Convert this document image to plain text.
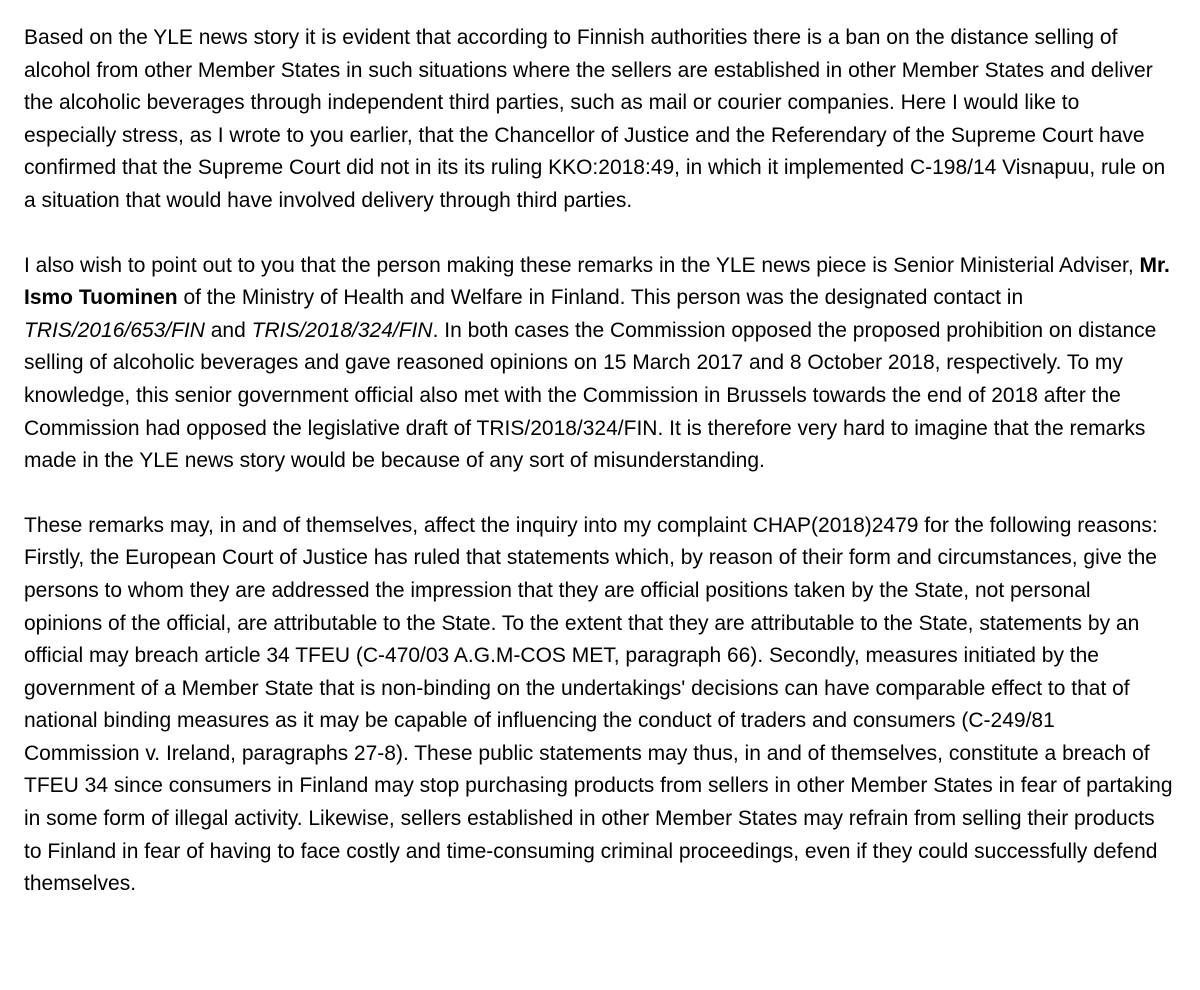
Based on the YLE news story it is evident that according to Finnish authorities there is a ban on the distance selling of alcohol from other Member States in such situations where the sellers are established in other Member States and deliver the alcoholic beverages through independent third parties, such as mail or courier companies. Here I would like to especially stress, as I wrote to you earlier, that the Chancellor of Justice and the Referendary of the Supreme Court have confirmed that the Supreme Court did not in its its ruling KKO:2018:49, in which it implemented C-198/14 Visnapuu, rule on a situation that would have involved delivery through third parties.

I also wish to point out to you that the person making these remarks in the YLE news piece is Senior Ministerial Adviser, Mr. Ismo Tuominen of the Ministry of Health and Welfare in Finland. This person was the designated contact in TRIS/2016/653/FIN and TRIS/2018/324/FIN. In both cases the Commission opposed the proposed prohibition on distance selling of alcoholic beverages and gave reasoned opinions on 15 March 2017 and 8 October 2018, respectively. To my knowledge, this senior government official also met with the Commission in Brussels towards the end of 2018 after the Commission had opposed the legislative draft of TRIS/2018/324/FIN. It is therefore very hard to imagine that the remarks made in the YLE news story would be because of any sort of misunderstanding.

These remarks may, in and of themselves, affect the inquiry into my complaint CHAP(2018)2479 for the following reasons: Firstly, the European Court of Justice has ruled that statements which, by reason of their form and circumstances, give the persons to whom they are addressed the impression that they are official positions taken by the State, not personal opinions of the official, are attributable to the State. To the extent that they are attributable to the State, statements by an official may breach article 34 TFEU (C-470/03 A.G.M-COS MET, paragraph 66). Secondly, measures initiated by the government of a Member State that is non-binding on the undertakings' decisions can have comparable effect to that of national binding measures as it may be capable of influencing the conduct of traders and consumers (C-249/81 Commission v. Ireland, paragraphs 27-8). These public statements may thus, in and of themselves, constitute a breach of TFEU 34 since consumers in Finland may stop purchasing products from sellers in other Member States in fear of partaking in some form of illegal activity. Likewise, sellers established in other Member States may refrain from selling their products to Finland in fear of having to face costly and time-consuming criminal proceedings, even if they could successfully defend themselves.
